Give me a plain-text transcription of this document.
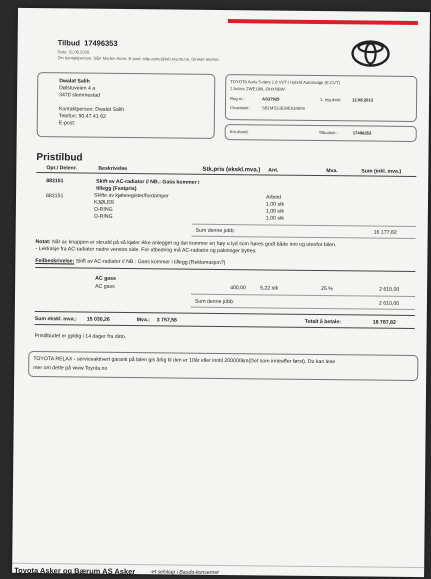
Tilbud 17496353
Dato: 11.08.2026
Din kontaktperson: Silje Marlen Aune, E-post: silje.aune@tab.toyota.no, Direkte telefon:
Dwalat Salih
Dølstuveien 4 a
3470 slemmestad
Kontaktperson: Dwalat Salih
Telefon: 90 47 41 62
E-post:
TOYOTA Auris 5-dørs 1.8 VVT-i Hybrid Automatgir (E-CVT)
2 Active ZWE186L-DHXNBW
Reg.nr.:	AS37929	1. reg.dato:	12.08.2013
Chassisnr.:	SB1MS3JE30E034609
Km.stand:	Tilbudsnr.:	17496353
Pristilbud
Opr./ Delenr.	Beskrivelse	Stk.pris (ekskl.mva.) Ant.	Mva.	Sum (inkl. mva.)
883151	Skift av AC-radiator // NB.: Gass kommer i
tillegg (Fastpris)
883151	Skifte av kjøleregister/fordamper	Arbeid
KJØLER	1,00 stk
O-RING	1,00 stk
O-RING	1,00 stk
Sum denne jobb:	16 177,82
Notat: Når ac knappen er skrudd på så kjøler ikke anlegget og det kommer en høy u lyd som høres godt både inni og utenfor bilen.
- Lekkasje fra AC-radiator nedre venstre side. For utbedring må AC-radiator og pakninger byttes.
Feilbeskrivelse: Skift av AC-radiator // NB.: Gass kommer i tillegg (Reklamasjon?)
AC gass
AC gass	400,00	5,22 stk	25 %	2 610,00
Sum denne jobb:	2 610,00
Sum ekskl. mva.: 15 030,26	Mva.: 3 757,56	Totalt å betale:	18 787,82
Pristilbudet er gyldig i 14 dager fra dato.
TOYOTA RELAX - serviceaktivert garanti på bilen gis årlig til den er 10år eller inntil 200000km(Det som inntreffer først). Du kan lese
mer om dette på www.Toyota.no
Toyota Asker og Bærum AS Asker	-et selskap i Bauda-konsernet
